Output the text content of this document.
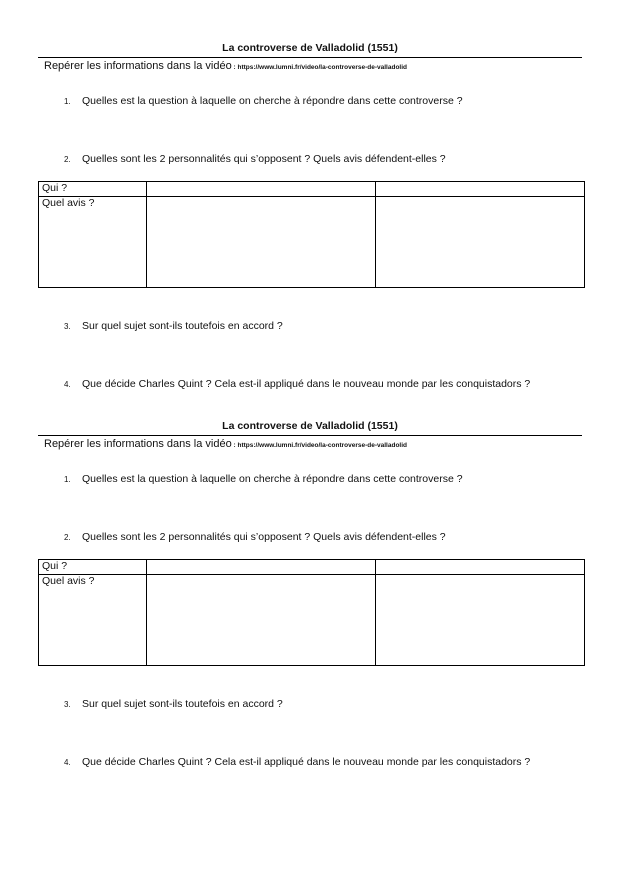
La controverse de Valladolid (1551)
Repérer les informations dans la vidéo : https://www.lumni.fr/video/la-controverse-de-valladolid
1. Quelles est la question à laquelle on cherche à répondre dans cette controverse ?
2. Quelles sont les 2 personnalités qui s’opposent ? Quels avis défendent-elles ?
Qui ?		
Quel avis ?		
3. Sur quel sujet sont-ils toutefois en accord ?
4. Que décide Charles Quint ? Cela est-il appliqué dans le nouveau monde par les conquistadors ?
La controverse de Valladolid (1551)
Repérer les informations dans la vidéo : https://www.lumni.fr/video/la-controverse-de-valladolid
1. Quelles est la question à laquelle on cherche à répondre dans cette controverse ?
2. Quelles sont les 2 personnalités qui s’opposent ? Quels avis défendent-elles ?
Qui ?		
Quel avis ?		
3. Sur quel sujet sont-ils toutefois en accord ?
4. Que décide Charles Quint ? Cela est-il appliqué dans le nouveau monde par les conquistadors ?
